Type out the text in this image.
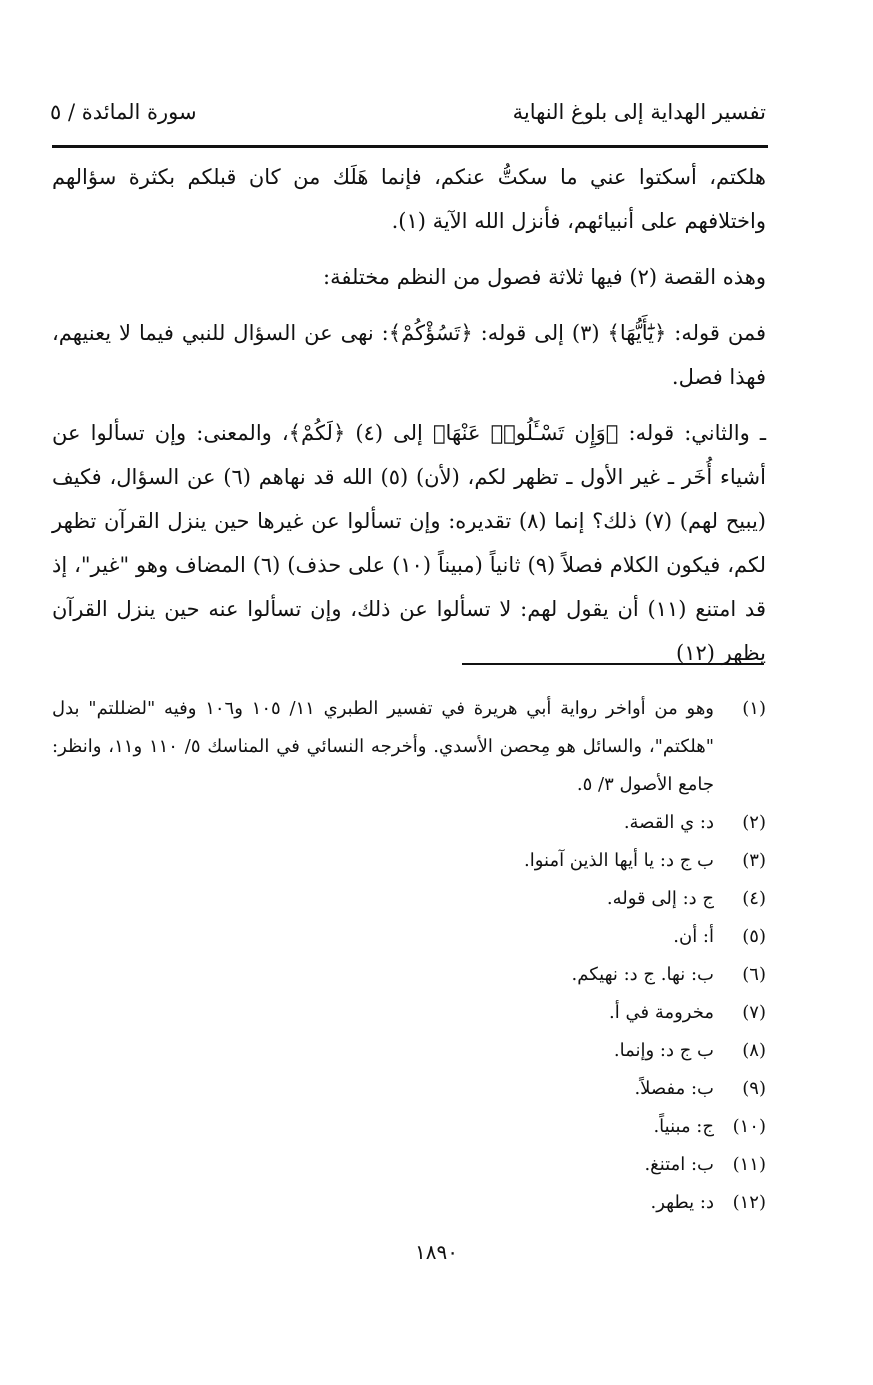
تفسير الهداية إلى بلوغ النهاية
سورة المائدة / ٥

هلكتم، أسكتوا عني ما سكتُّ عنكم، فإنما هَلَك من كان قبلكم بكثرة سؤالهم واختلافهم على أنبيائهم، فأنزل الله الآية (١).

وهذه القصة (٢) فيها ثلاثة فصول من النظم مختلفة:

فمن قوله: ﴿يَٰٓأَيُّهَا﴾ (٣) إلى قوله: ﴿تَسُؤْكُمْ﴾: نهى عن السؤال للنبي فيما لا يعنيهم، فهذا فصل.

ـ والثاني: قوله: ﴿وَإِن تَسْـَٔلُوا۟ عَنْهَا﴾ إلى (٤) ﴿لَكُمْ﴾، والمعنى: وإن تسألوا عن أشياء أُخَر ـ غير الأول ـ تظهر لكم، (لأن) (٥) الله قد نهاهم (٦) عن السؤال، فكيف (يبيح لهم) (٧) ذلك؟ إنما (٨) تقديره: وإن تسألوا عن غيرها حين ينزل القرآن تظهر لكم، فيكون الكلام فصلاً (٩) ثانياً (مبيناً (١٠) على حذف) (٦) المضاف وهو "غير"، إذ قد امتنع (١١) أن يقول لهم: لا تسألوا عن ذلك، وإن تسألوا عنه حين ينزل القرآن يظهر (١٢)

(١)
وهو من أواخر رواية أبي هريرة في تفسير الطبري ١١/ ١٠٥ و١٠٦ وفيه "لضللتم" بدل "هلكتم"، والسائل هو مِحصن الأسدي. وأخرجه النسائي في المناسك ٥/ ١١٠ و١١، وانظر: جامع الأصول ٣/ ٥.
(٢)
د: ي القصة.
(٣)
ب ج د: يا أيها الذين آمنوا.
(٤)
ج د: إلى قوله.
(٥)
أ: أن.
(٦)
ب: نها. ج د: نهيكم.
(٧)
مخرومة في أ.
(٨)
ب ج د: وإنما.
(٩)
ب: مفصلاً.
(١٠)
ج: مبنياً.
(١١)
ب: امتنغ.
(١٢)
د: يطهر.
١٨٩٠
